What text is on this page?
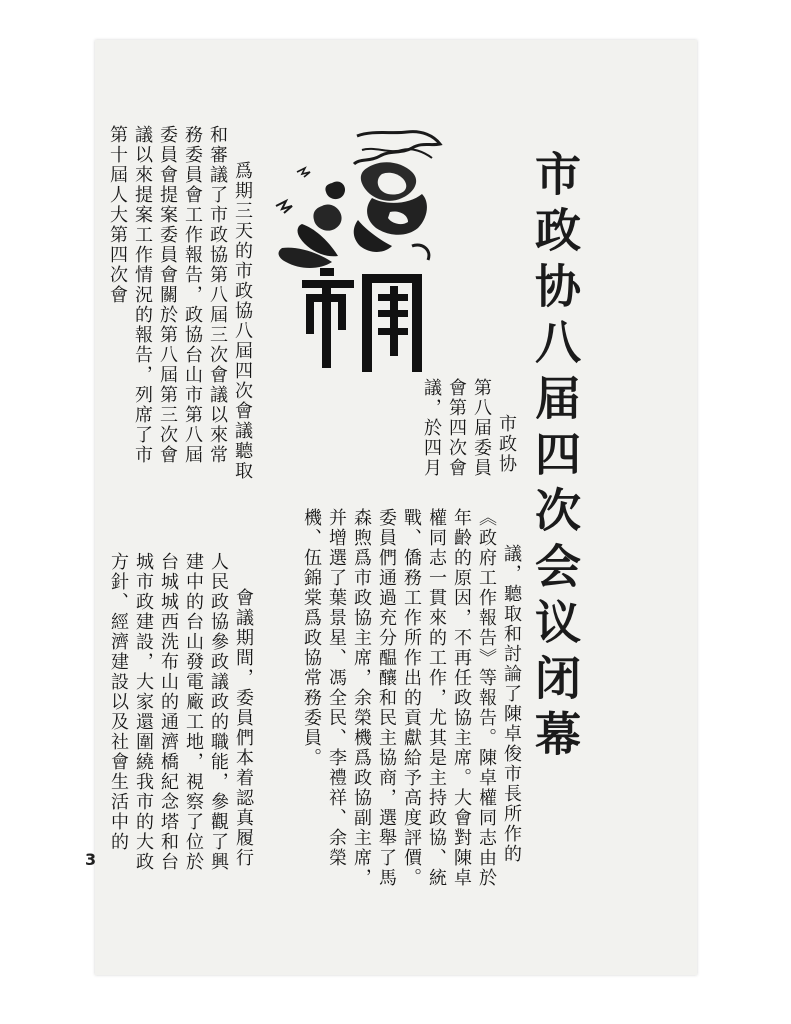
市政协八届四次会议闭幕

市政协第八届委員會第四次會議，於四月

爲期三天的市政協八屆四次會議聽取和審議了市政協第八屆三次會議以來常務委員會工作報告，政協台山市第八屆委員會提案委員會關於第八屆第三次會議以來提案工作情況的報告，列席了市第十屆人大第四次會

議，聽取和討論了陳卓俊市長所作的《政府工作報告》等報告。陳卓權同志由於年齡的原因，不再任政協主席。大會對陳卓權同志一貫來的工作，尤其是主持政協、統戰、僑務工作所作出的貢獻給予高度評價。委員們通過充分醖釀和民主協商，選舉了馬森煦爲市政協主席，余榮機爲政協副主席，并增選了葉景星、馮全民、李禮祥、余榮機、伍錦棠爲政協常務委員。

會議期間，委員們本着認真履行人民政協參政議政的職能，參觀了興建中的台山發電廠工地，視察了位於台城城西洗布山的通濟橋紀念塔和台城市政建設，大家還圍繞我市的大政方針、經濟建設以及社會生活中的

3
